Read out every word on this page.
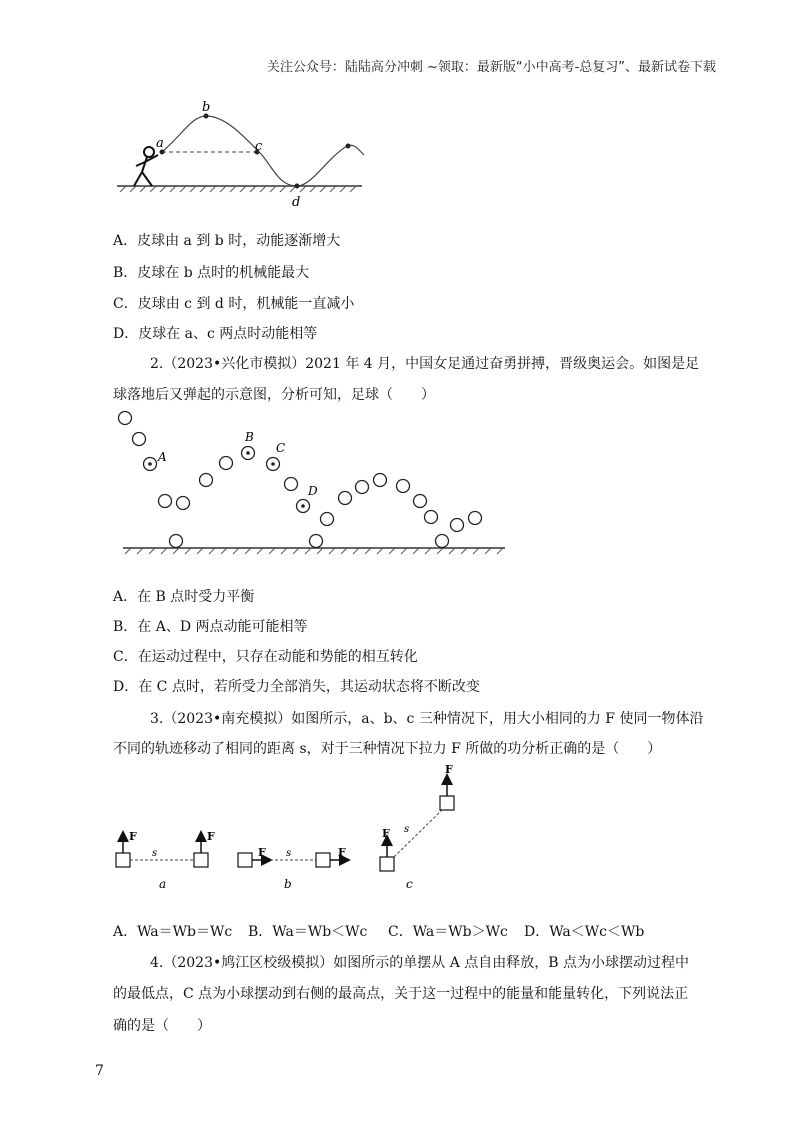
关注公众号：陆陆高分冲刺 ~领取：最新版“小中高考-总复习”、最新试卷下载
a
b
c
d
A．皮球由 a 到 b 时，动能逐渐增大
B．皮球在 b 点时的机械能最大
C．皮球由 c 到 d 时，机械能一直减小
D．皮球在 a、c 两点时动能相等
2.（2023•兴化市模拟）2021 年 4 月，中国女足通过奋勇拼搏，晋级奥运会。如图是足
球落地后又弹起的示意图，分析可知，足球（　　）
A
B
C
D
A．在 B 点时受力平衡
B．在 A、D 两点动能可能相等
C．在运动过程中，只存在动能和势能的相互转化
D．在 C 点时，若所受力全部消失，其运动状态将不断改变
3.（2023•南充模拟）如图所示，a、b、c 三种情况下，用大小相同的力 F 使同一物体沿
不同的轨迹移动了相同的距离 s，对于三种情况下拉力 F 所做的功分析正确的是（　　）
F
s
F
a
F s	F
b
F s
F
c
A．Wa＝Wb＝Wc B．Wa＝Wb＜Wc C．Wa＝Wb＞Wc D．Wa＜Wc＜Wb
4.（2023•鸠江区校级模拟）如图所示的单摆从 A 点自由释放，B 点为小球摆动过程中
的最低点，C 点为小球摆动到右侧的最高点，关于这一过程中的能量和能量转化，下列说法正
确的是（　　）
7
